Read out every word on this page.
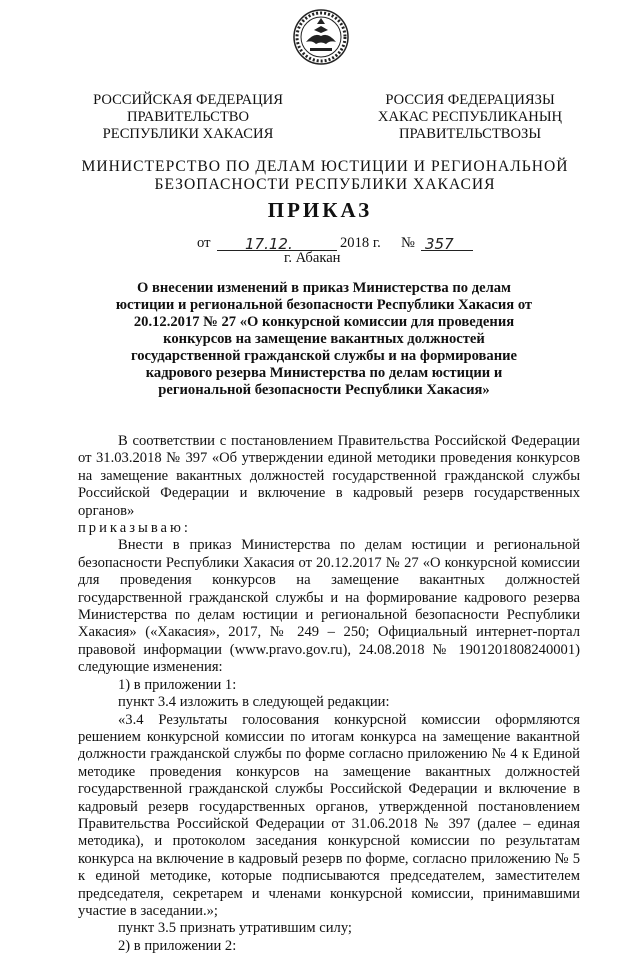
РОССИЙСКАЯ ФЕДЕРАЦИЯ
ПРАВИТЕЛЬСТВО
РЕСПУБЛИКИ ХАКАСИЯ
РОССИЯ ФЕДЕРАЦИЯЗЫ
ХАКАС РЕСПУБЛИКАНЫҢ
ПРАВИТЕЛЬСТВОЗЫ
МИНИСТЕРСТВО ПО ДЕЛАМ ЮСТИЦИИ И РЕГИОНАЛЬНОЙ
БЕЗОПАСНОСТИ РЕСПУБЛИКИ ХАКАСИЯ
ПРИКАЗ
от 17.12.	2018 г. № 357
г. Абакан
О внесении изменений в приказ Министерства по делам юстиции и региональной безопасности Республики Хакасия от 20.12.2017 № 27 «О конкурсной комиссии для проведения конкурсов на замещение вакантных должностей государственной гражданской службы и на формирование кадрового резерва Министерства по делам юстиции и региональной безопасности Республики Хакасия»

В соответствии с постановлением Правительства Российской Федерации от 31.03.2018 № 397 «Об утверждении единой методики проведения конкурсов на замещение вакантных должностей государственной гражданской службы Российской Федерации и включение в кадровый резерв государственных органов»

приказываю:

Внести в приказ Министерства по делам юстиции и региональной безопасности Республики Хакасия от 20.12.2017 № 27 «О конкурсной комиссии для проведения конкурсов на замещение вакантных должностей государственной гражданской службы и на формирование кадрового резерва Министерства по делам юстиции и региональной безопасности Республики Хакасия» («Хакасия», 2017, № 249 – 250; Официальный интернет-портал правовой информации (www.pravo.gov.ru), 24.08.2018 № 1901201808240001) следующие изменения:

1) в приложении 1:

пункт 3.4 изложить в следующей редакции:

«3.4 Результаты голосования конкурсной комиссии оформляются решением конкурсной комиссии по итогам конкурса на замещение вакантной должности гражданской службы по форме согласно приложению № 4 к Единой методике проведения конкурсов на замещение вакантных должностей государственной гражданской службы Российской Федерации и включение в кадровый резерв государственных органов, утвержденной постановлением Правительства Российской Федерации от 31.06.2018 № 397 (далее – единая методика), и протоколом заседания конкурсной комиссии по результатам конкурса на включение в кадровый резерв по форме, согласно приложению № 5 к единой методике, которые подписываются председателем, заместителем председателя, секретарем и членами конкурсной комиссии, принимавшими участие в заседании.»;

пункт 3.5 признать утратившим силу;

2) в приложении 2:
